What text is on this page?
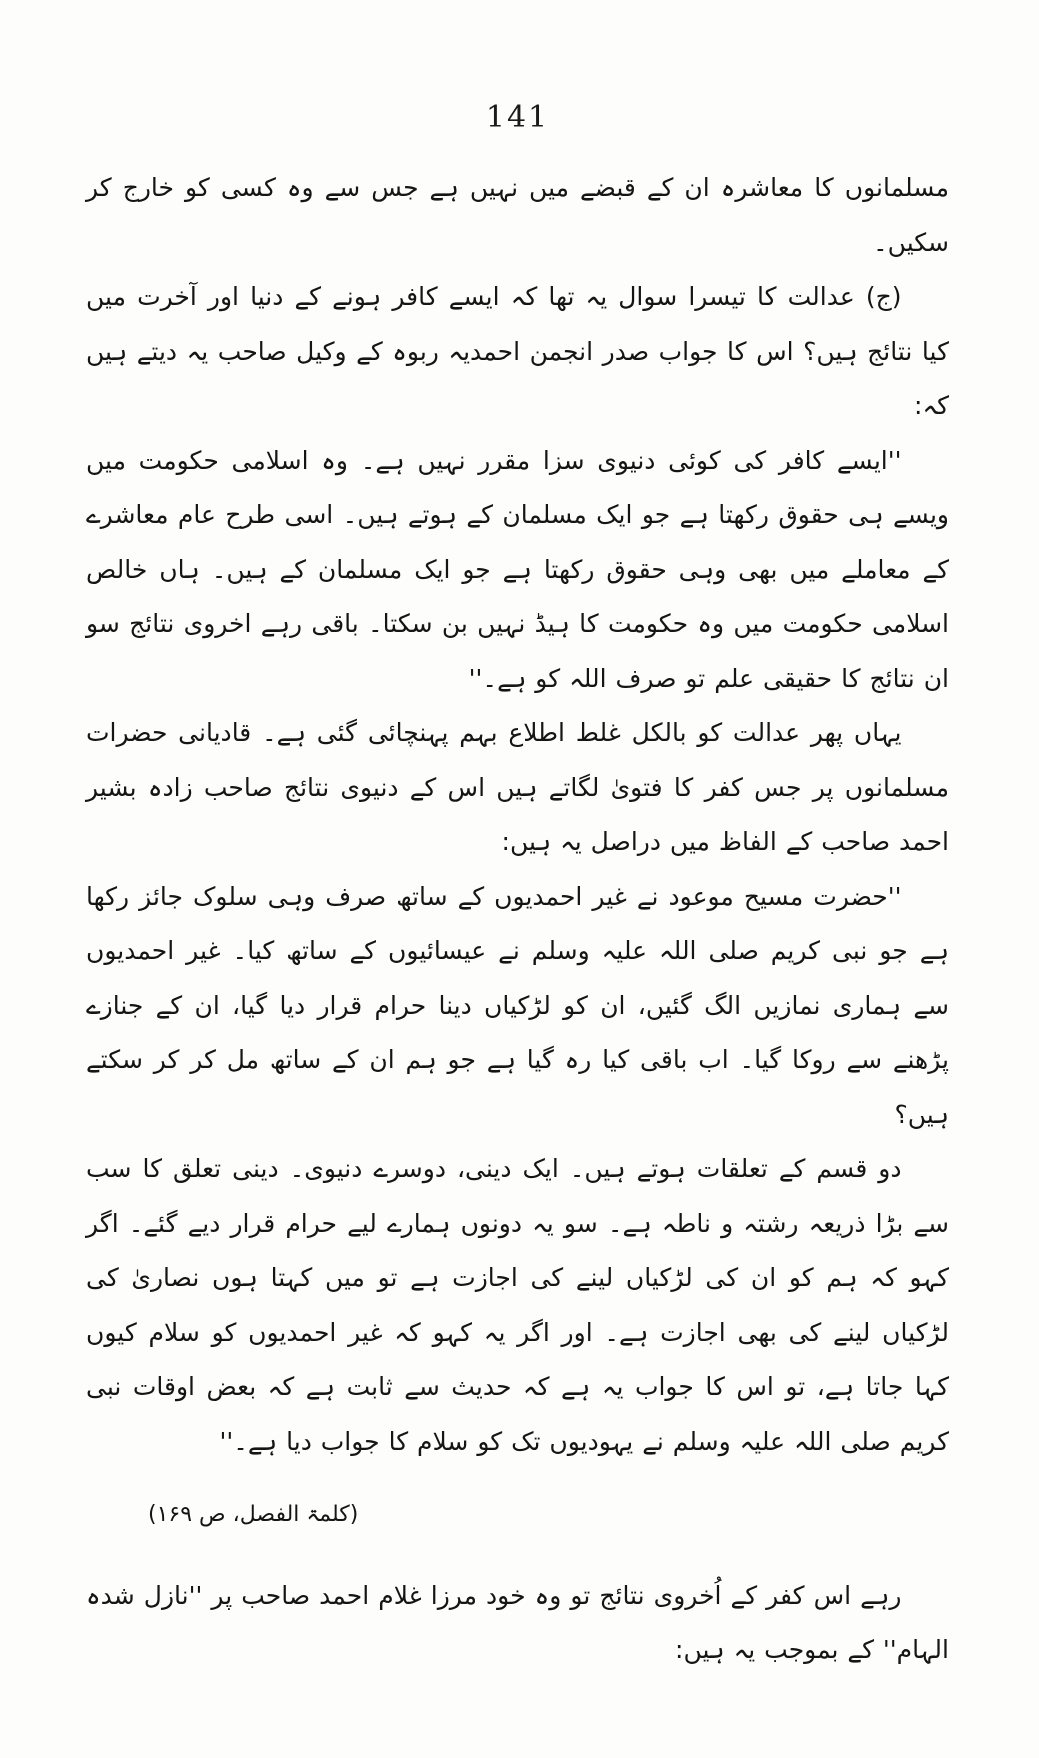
141

مسلمانوں کا معاشرہ ان کے قبضے میں نہیں ہے جس سے وہ کسی کو خارج کر سکیں۔

(ج) عدالت کا تیسرا سوال یہ تھا کہ ایسے کافر ہونے کے دنیا اور آخرت میں کیا نتائج ہیں؟ اس کا جواب صدر انجمن احمدیہ ربوہ کے وکیل صاحب یہ دیتے ہیں کہ:

''ایسے کافر کی کوئی دنیوی سزا مقرر نہیں ہے۔ وہ اسلامی حکومت میں ویسے ہی حقوق رکھتا ہے جو ایک مسلمان کے ہوتے ہیں۔ اسی طرح عام معاشرے کے معاملے میں بھی وہی حقوق رکھتا ہے جو ایک مسلمان کے ہیں۔ ہاں خالص اسلامی حکومت میں وہ حکومت کا ہیڈ نہیں بن سکتا۔ باقی رہے اخروی نتائج سو ان نتائج کا حقیقی علم تو صرف اللہ کو ہے۔''

یہاں پھر عدالت کو بالکل غلط اطلاع بہم پہنچائی گئی ہے۔ قادیانی حضرات مسلمانوں پر جس کفر کا فتویٰ لگاتے ہیں اس کے دنیوی نتائج صاحب زادہ بشیر احمد صاحب کے الفاظ میں دراصل یہ ہیں:

''حضرت مسیح موعود نے غیر احمدیوں کے ساتھ صرف وہی سلوک جائز رکھا ہے جو نبی کریم صلی اللہ علیہ وسلم نے عیسائیوں کے ساتھ کیا۔ غیر احمدیوں سے ہماری نمازیں الگ گئیں، ان کو لڑکیاں دینا حرام قرار دیا گیا، ان کے جنازے پڑھنے سے روکا گیا۔ اب باقی کیا رہ گیا ہے جو ہم ان کے ساتھ مل کر کر سکتے ہیں؟

دو قسم کے تعلقات ہوتے ہیں۔ ایک دینی، دوسرے دنیوی۔ دینی تعلق کا سب سے بڑا ذریعہ رشتہ و ناطہ ہے۔ سو یہ دونوں ہمارے لیے حرام قرار دیے گئے۔ اگر کہو کہ ہم کو ان کی لڑکیاں لینے کی اجازت ہے تو میں کہتا ہوں نصاریٰ کی لڑکیاں لینے کی بھی اجازت ہے۔ اور اگر یہ کہو کہ غیر احمدیوں کو سلام کیوں کہا جاتا ہے، تو اس کا جواب یہ ہے کہ حدیث سے ثابت ہے کہ بعض اوقات نبی کریم صلی اللہ علیہ وسلم نے یہودیوں تک کو سلام کا جواب دیا ہے۔''

(کلمۃ الفصل، ص ۱۶۹)

رہے اس کفر کے اُخروی نتائج تو وہ خود مرزا غلام احمد صاحب پر ''نازل شدہ الہام'' کے بموجب یہ ہیں:
